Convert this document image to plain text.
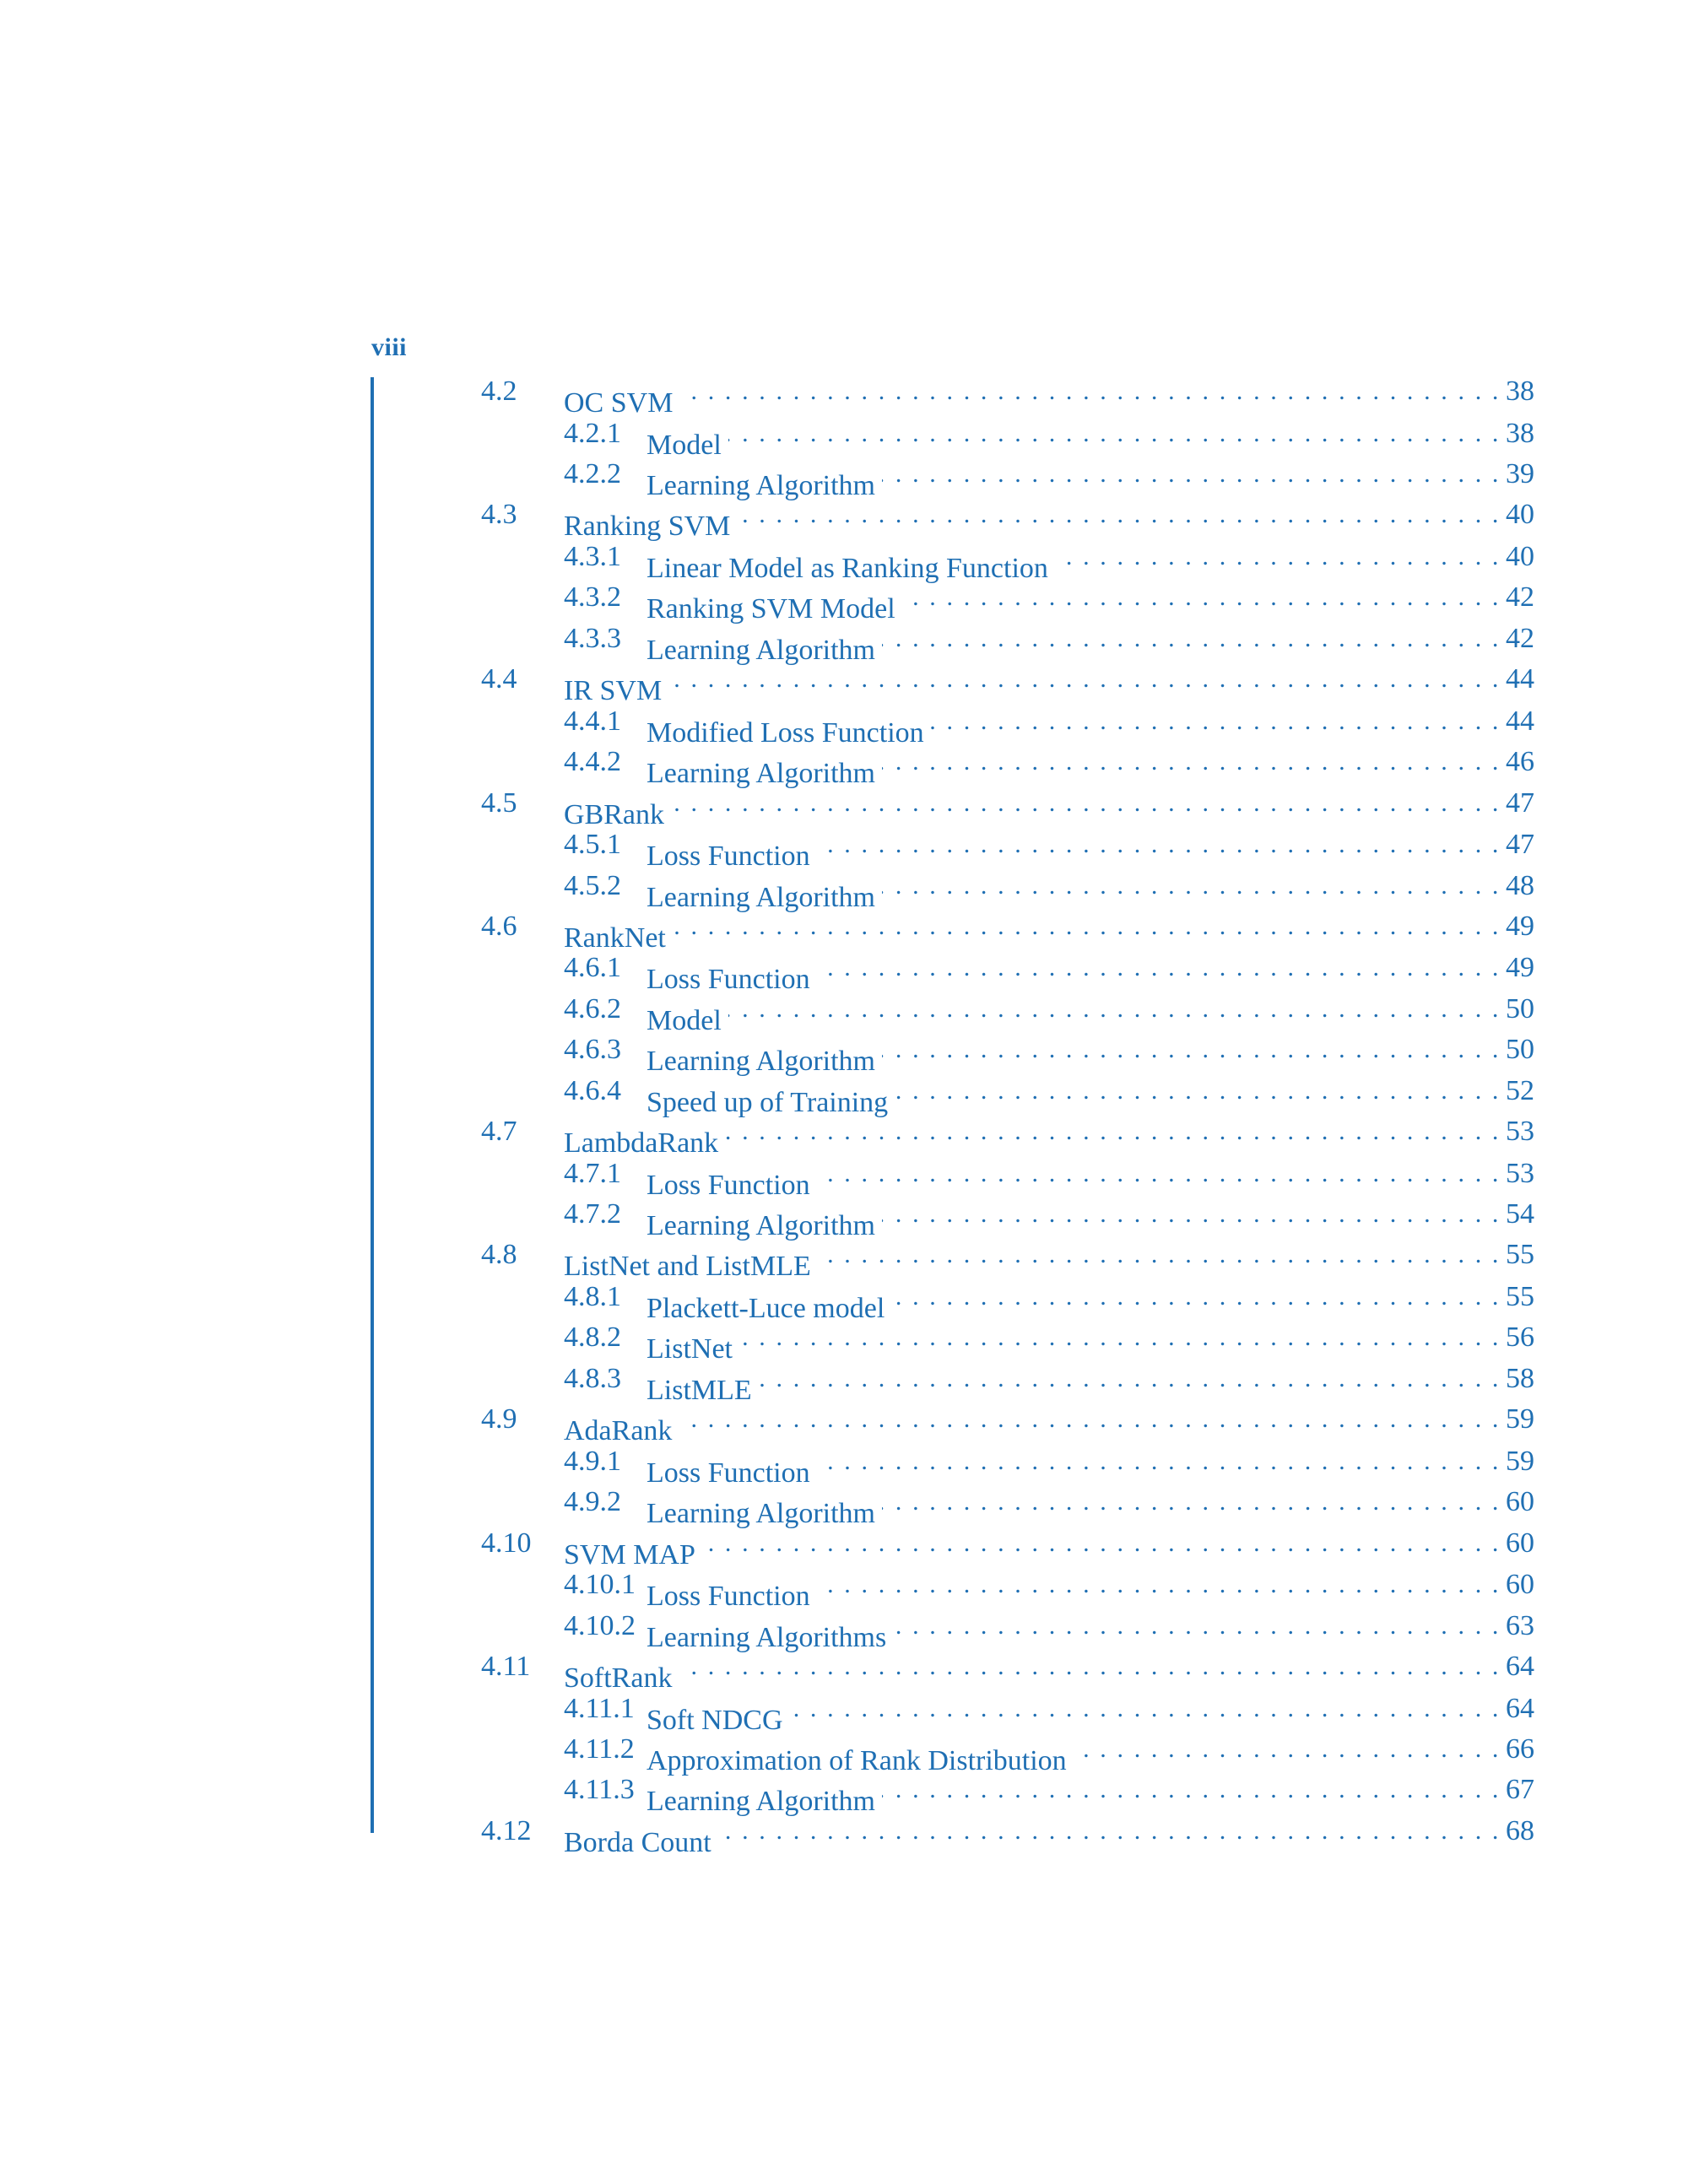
viii
4.2 OC SVM . . .	38
4.2.1 Model . . .	38
4.2.2 Learning Algorithm . . .	39
4.3 Ranking SVM . . .	40
4.3.1 Linear Model as Ranking Function . . .	40
4.3.2 Ranking SVM Model . . .	42
4.3.3 Learning Algorithm . . .	42
4.4 IR SVM . . .	44
4.4.1 Modified Loss Function . . .	44
4.4.2 Learning Algorithm . . .	46
4.5 GBRank . . .	47
4.5.1 Loss Function . . .	47
4.5.2 Learning Algorithm . . .	48
4.6 RankNet . . .	49
4.6.1 Loss Function . . .	49
4.6.2 Model . . .	50
4.6.3 Learning Algorithm . . .	50
4.6.4 Speed up of Training . . .	52
4.7 LambdaRank . . .	53
4.7.1 Loss Function . . .	53
4.7.2 Learning Algorithm . . .	54
4.8 ListNet and ListMLE . . .	55
4.8.1 Plackett-Luce model . . .	55
4.8.2 ListNet . . .	56
4.8.3 ListMLE . . .	58
4.9 AdaRank . . .	59
4.9.1 Loss Function . . .	59
4.9.2 Learning Algorithm . . .	60
4.10 SVM MAP . . .	60
4.10.1 Loss Function . . .	60
4.10.2 Learning Algorithms . . .	63
4.11 SoftRank . . .	64
4.11.1 Soft NDCG . . .	64
4.11.2 Approximation of Rank Distribution . . .	66
4.11.3 Learning Algorithm . . .	67
4.12 Borda Count . . .	68
